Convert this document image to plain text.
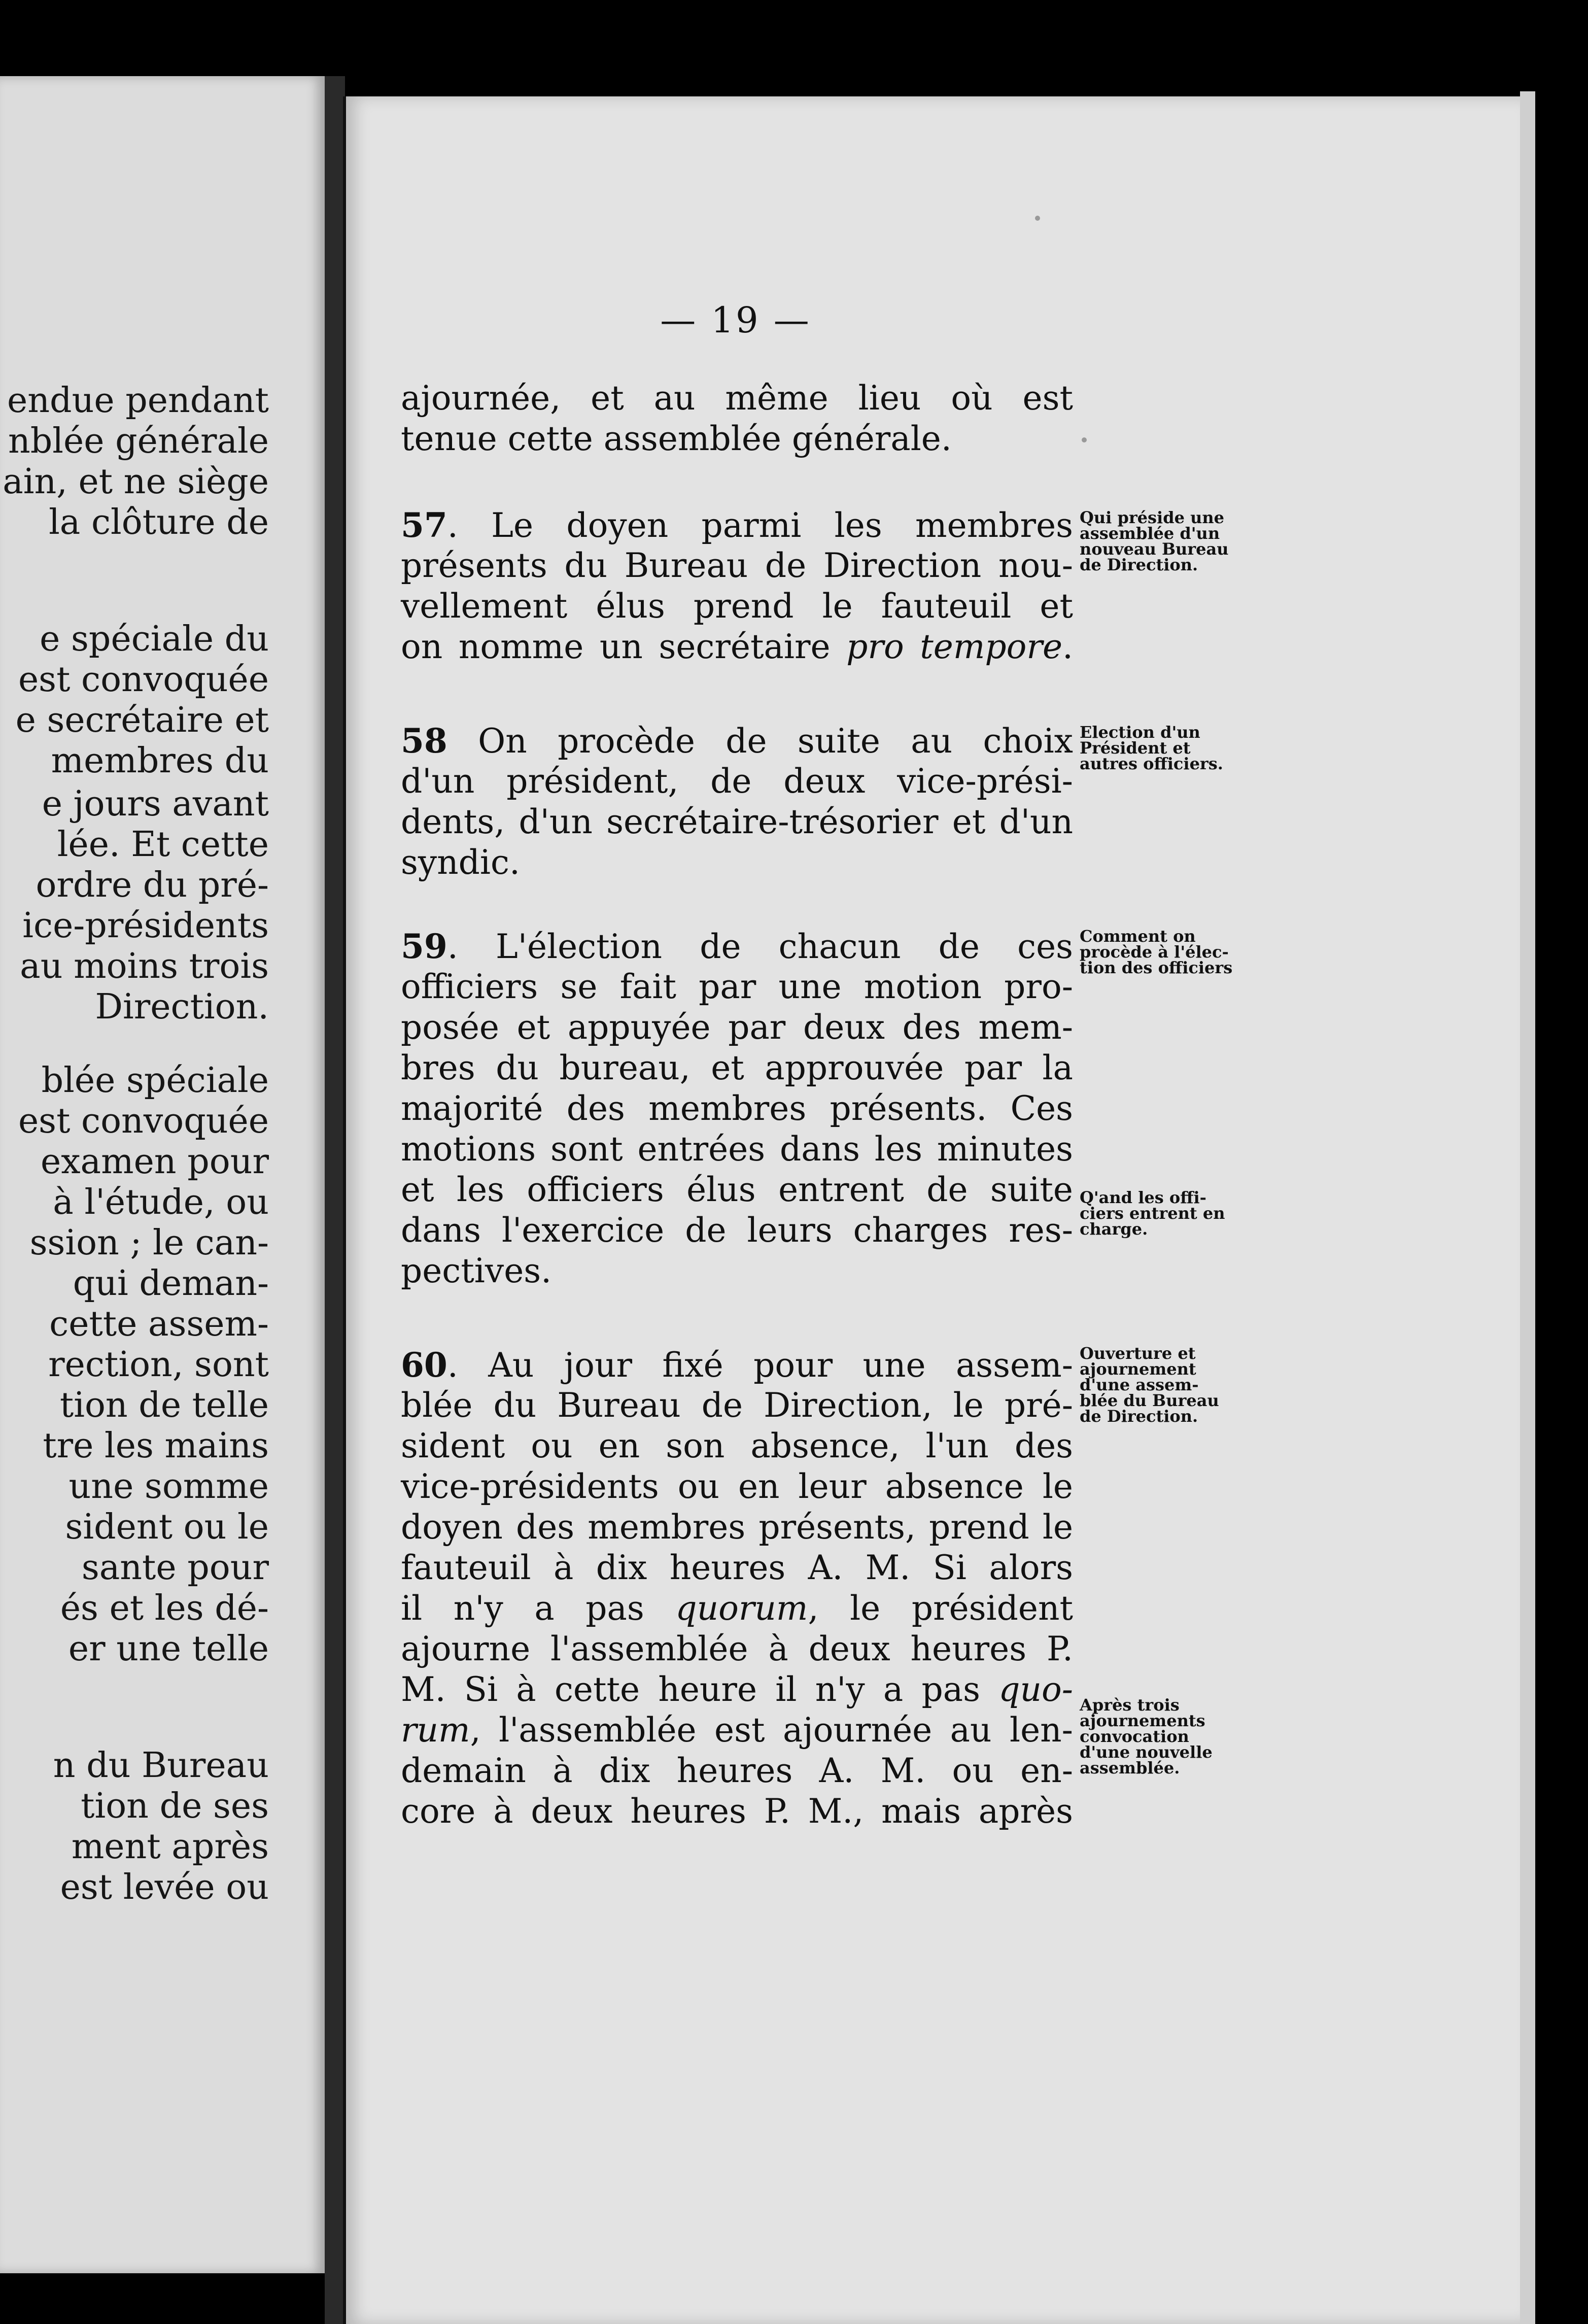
endue pendant
nblée générale
ain, et ne siège
la clôture de
e spéciale du
est convoquée
e secrétaire et
membres du
e jours avant
lée. Et cette
ordre du pré-
ice-présidents
au moins trois
Direction.
blée spéciale
est convoquée
examen pour
à l'étude, ou
ssion ; le can-
qui deman-
cette assem-
rection, sont
tion de telle
tre les mains
une somme
sident ou le
sante pour
és et les dé-
er une telle
n du Bureau
tion de ses
ment après
est levée ou
— 19 —
ajournée, et au même lieu où est
tenue cette assemblée générale.
57. Le doyen parmi les membres
présents du Bureau de Direction nou-
vellement élus prend le fauteuil et
on nomme un secrétaire pro tempore.
58 On procède de suite au choix
d'un président, de deux vice-prési-
dents, d'un secrétaire-trésorier et d'un
syndic.
59. L'élection de chacun de ces
officiers se fait par une motion pro-
posée et appuyée par deux des mem-
bres du bureau, et approuvée par la
majorité des membres présents. Ces
motions sont entrées dans les minutes
et les officiers élus entrent de suite
dans l'exercice de leurs charges res-
pectives.
60. Au jour fixé pour une assem-
blée du Bureau de Direction, le pré-
sident ou en son absence, l'un des
vice-présidents ou en leur absence le
doyen des membres présents, prend le
fauteuil à dix heures A. M. Si alors
il n'y a pas quorum, le président
ajourne l'assemblée à deux heures P.
M. Si à cette heure il n'y a pas quo-
rum, l'assemblée est ajournée au len-
demain à dix heures A. M. ou en-
core à deux heures P. M., mais après
Qui préside une
assemblée d'un
nouveau Bureau
de Direction.
Election d'un
Président et
autres officiers.
Comment on
procède à l'élec-
tion des officiers
Q'and les offi-
ciers entrent en
charge.
Ouverture et
ajournement
d'une assem-
blée du Bureau
de Direction.
Après trois
ajournements
convocation
d'une nouvelle
assemblée.
